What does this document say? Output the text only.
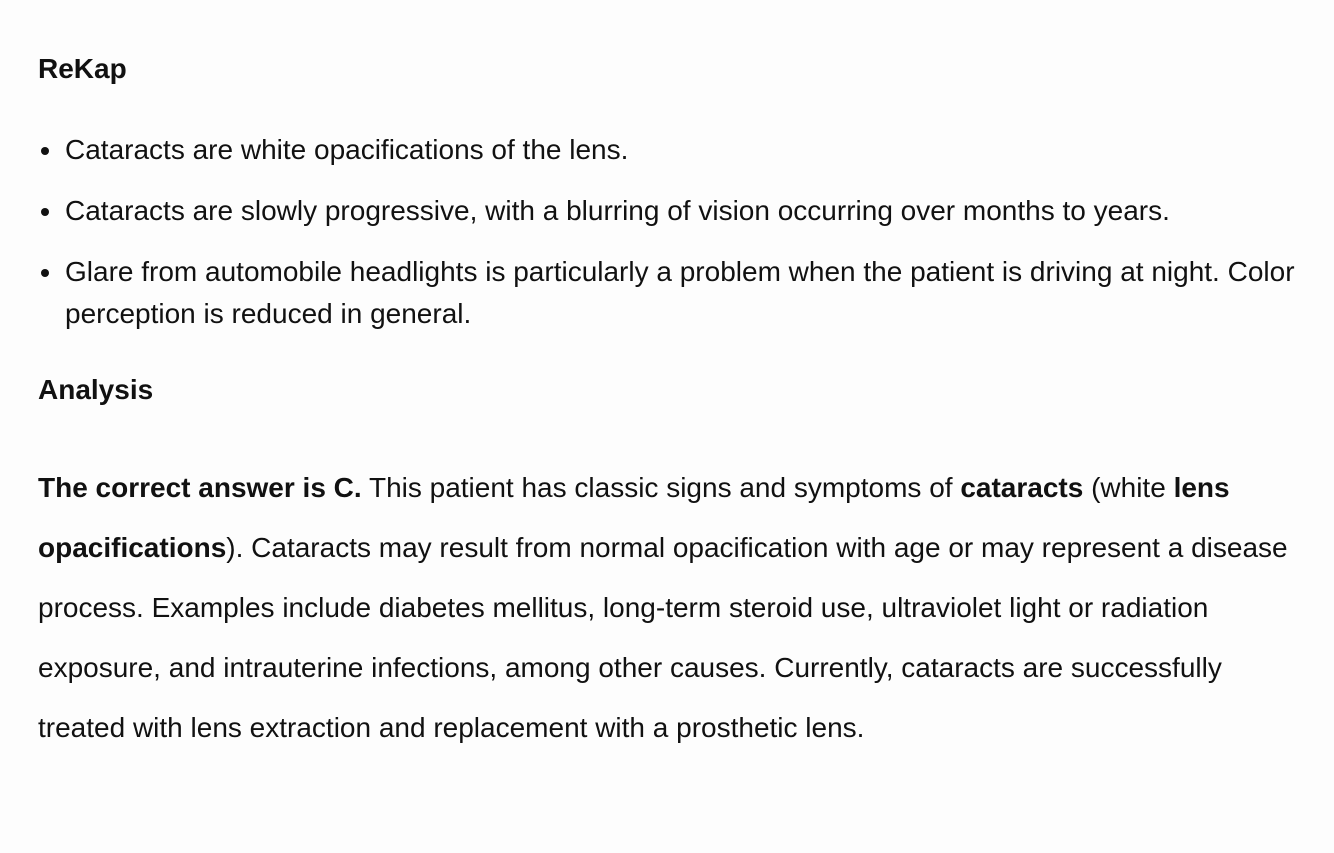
ReKap
Cataracts are white opacifications of the lens.
Cataracts are slowly progressive, with a blurring of vision occurring over months to years.
Glare from automobile headlights is particularly a problem when the patient is driving at night. Color perception is reduced in general.
Analysis

The correct answer is C. This patient has classic signs and symptoms of cataracts (white lens opacifications). Cataracts may result from normal opacification with age or may represent a disease process. Examples include diabetes mellitus, long-term steroid use, ultraviolet light or radiation exposure, and intrauterine infections, among other causes. Currently, cataracts are successfully treated with lens extraction and replacement with a prosthetic lens.
